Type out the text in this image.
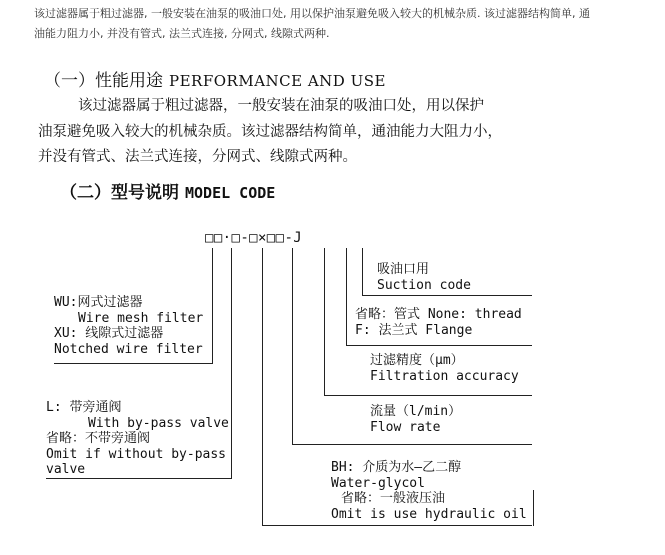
该过滤器属于粗过滤器, 一般安装在油泵的吸油口处, 用以保护油泵避免吸入较大的机械杂质. 该过滤器结构简单, 通
油能力阻力小, 并没有管式, 法兰式连接, 分网式, 线隙式两种.
（一）性能用途 PERFORMANCE AND USE
该过滤器属于粗过滤器，一般安装在油泵的吸油口处，用以保护
油泵避免吸入较大的机械杂质。该过滤器结构简单，通油能力大阻力小，
并没有管式、法兰式连接，分网式、线隙式两种。
（二）型号说明 MODEL CODE
□□·□-□×□□-J
吸油口用
Suction code
省略：管式 None: thread
F: 法兰式 Flange
过滤精度（μm）
Filtration accuracy
流量（l/min）
Flow rate
BH: 介质为水—乙二醇
Water-glycol
省略：一般液压油
Omit is use hydraulic oil
WU:网式过滤器
Wire mesh filter
XU: 线隙式过滤器
Notched wire filter
L: 带旁通阀
With by-pass valve
省略：不带旁通阀
Omit if without by-pass
valve
